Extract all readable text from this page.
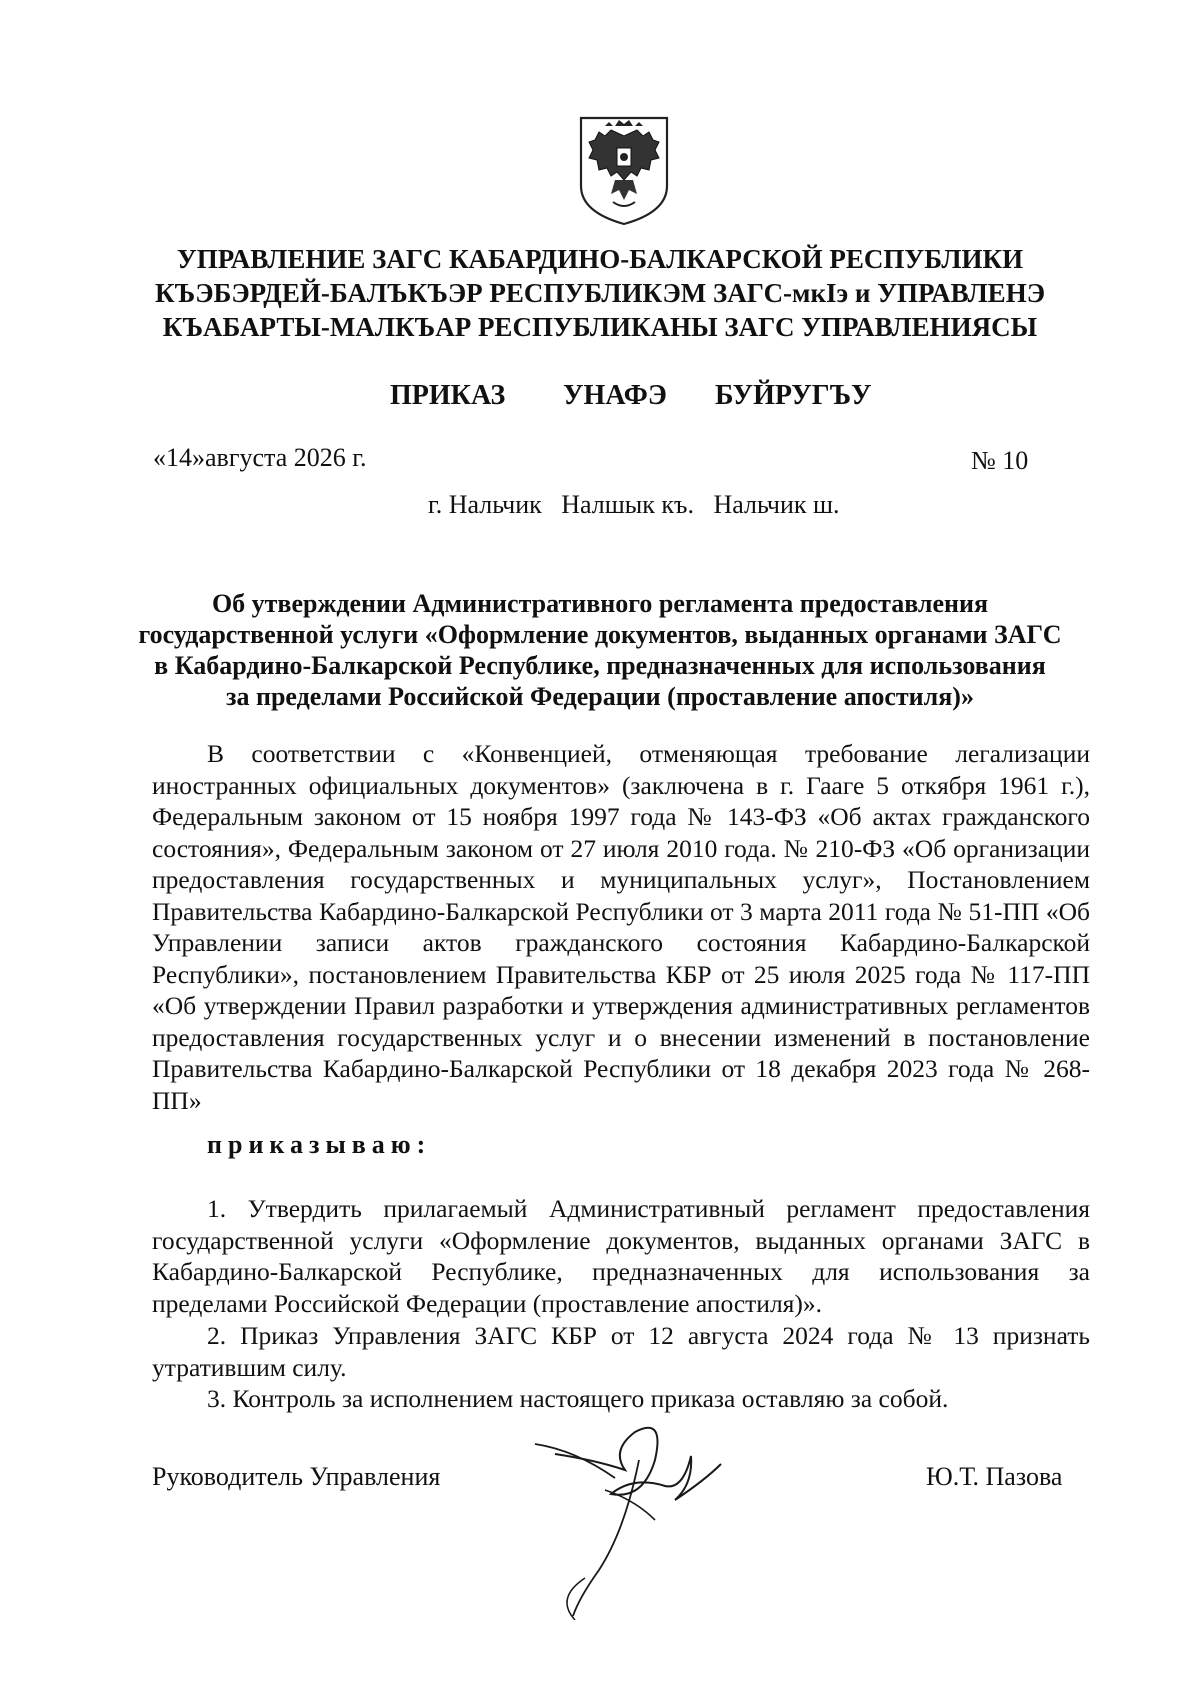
УПРАВЛЕНИЕ ЗАГС КАБАРДИНО-БАЛКАРСКОЙ РЕСПУБЛИКИ
КЪЭБЭРДЕЙ-БАЛЪКЪЭР РЕСПУБЛИКЭМ ЗАГС-мкІэ и УПРАВЛЕНЭ
КЪАБАРТЫ-МАЛКЪАР РЕСПУБЛИКАНЫ ЗАГС УПРАВЛЕНИЯСЫ
ПРИКАЗ УНАФЭ БУЙРУГЪУ
«14»августа 2026 г.	№ 10
г. Нальчик   Налшык къ.   Нальчик ш.
Об утверждении Административного регламента предоставления
государственной услуги «Оформление документов, выданных органами ЗАГС
в Кабардино-Балкарской Республике, предназначенных для использования
за пределами Российской Федерации (проставление апостиля)»
В соответствии с «Конвенцией, отменяющая требование легализации иностранных официальных документов» (заключена в г. Гааге 5 откября 1961 г.), Федеральным законом от 15 ноября 1997 года № 143-ФЗ «Об актах гражданского состояния», Федеральным законом от 27 июля 2010 года. № 210-ФЗ «Об организации предоставления государственных и муниципальных услуг», Постановлением Правительства Кабардино-Балкарской Республики от 3 марта 2011 года № 51-ПП «Об Управлении записи актов гражданского состояния Кабардино-Балкарской Республики», постановлением Правительства КБР от 25 июля 2025 года № 117-ПП «Об утверждении Правил разработки и утверждения административных регламентов предоставления государственных услуг и о внесении изменений в постановление Правительства Кабардино-Балкарской Республики от 18 декабря 2023 года № 268-ПП»
приказываю:
1. Утвердить прилагаемый Административный регламент предоставления государственной услуги «Оформление документов, выданных органами ЗАГС в Кабардино-Балкарской Республике, предназначенных для использования за пределами Российской Федерации (проставление апостиля)».
2. Приказ Управления ЗАГС КБР от 12 августа 2024 года № 13 признать утратившим силу.
3. Контроль за исполнением настоящего приказа оставляю за собой.
Руководитель Управления	Ю.Т. Пазова
